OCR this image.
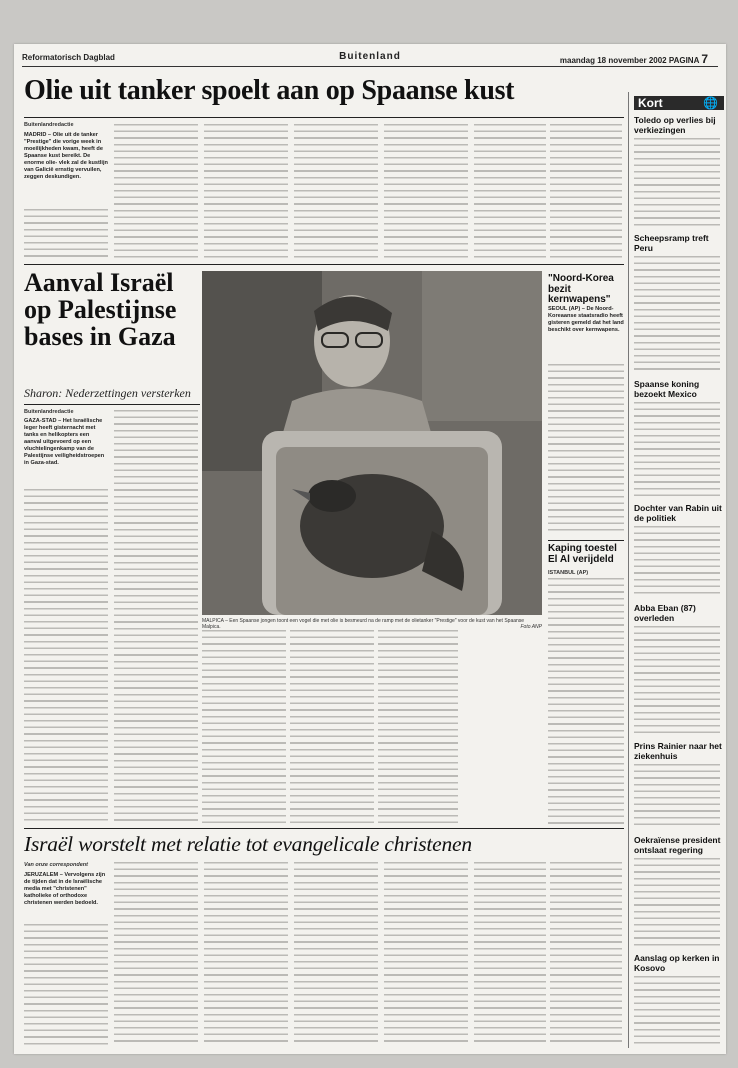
Reformatorisch Dagblad	Buitenland	maandag 18 november 2002 PAGINA 7
Olie uit tanker spoelt aan op Spaanse kust
Buitenlandredactie
MADRID – Olie uit de tanker "Prestige" die vorige week in moeilijkheden kwam, heeft de Spaanse kust bereikt. De enorme olie- vlek zal de kustlijn van Galicië ernstig vervuilen, zeggen deskundigen.
Aanval Israël op Palestijnse bases in Gaza
Sharon: Nederzettingen versterken
Buitenlandredactie
GAZA-STAD – Het Israëlische leger heeft gisternacht met tanks en helikopters een aanval uitgevoerd op een vluchtelingenkamp van de Palestijnse veiligheidstroepen in Gaza-stad.
MALPICA – Een Spaanse jongen toont een vogel die met olie is besmeurd na de ramp met de olietanker "Prestige" voor de kust van het Spaanse Malpica.	Foto ANP
"Noord-Korea bezit kernwapens"
SEOUL (AP) – De Noord-Koreaanse staatsradio heeft gisteren gemeld dat het land beschikt over kernwapens.
Kaping toestel El Al verijdeld
ISTANBUL (AP)
Israël worstelt met relatie tot evangelicale christenen
Van onze correspondent
JERUZALEM – Vervolgens zijn de tijden dat in de Israëlische media met "christenen" katholieke of orthodoxe christenen werden bedoeld.
Kort	🌐
Toledo op verlies bij verkiezingen
Scheepsramp treft Peru
Spaanse koning bezoekt Mexico
Dochter van Rabin uit de politiek
Abba Eban (87) overleden
Prins Rainier naar het ziekenhuis
Oekraïense president ontslaat regering
Aanslag op kerken in Kosovo
